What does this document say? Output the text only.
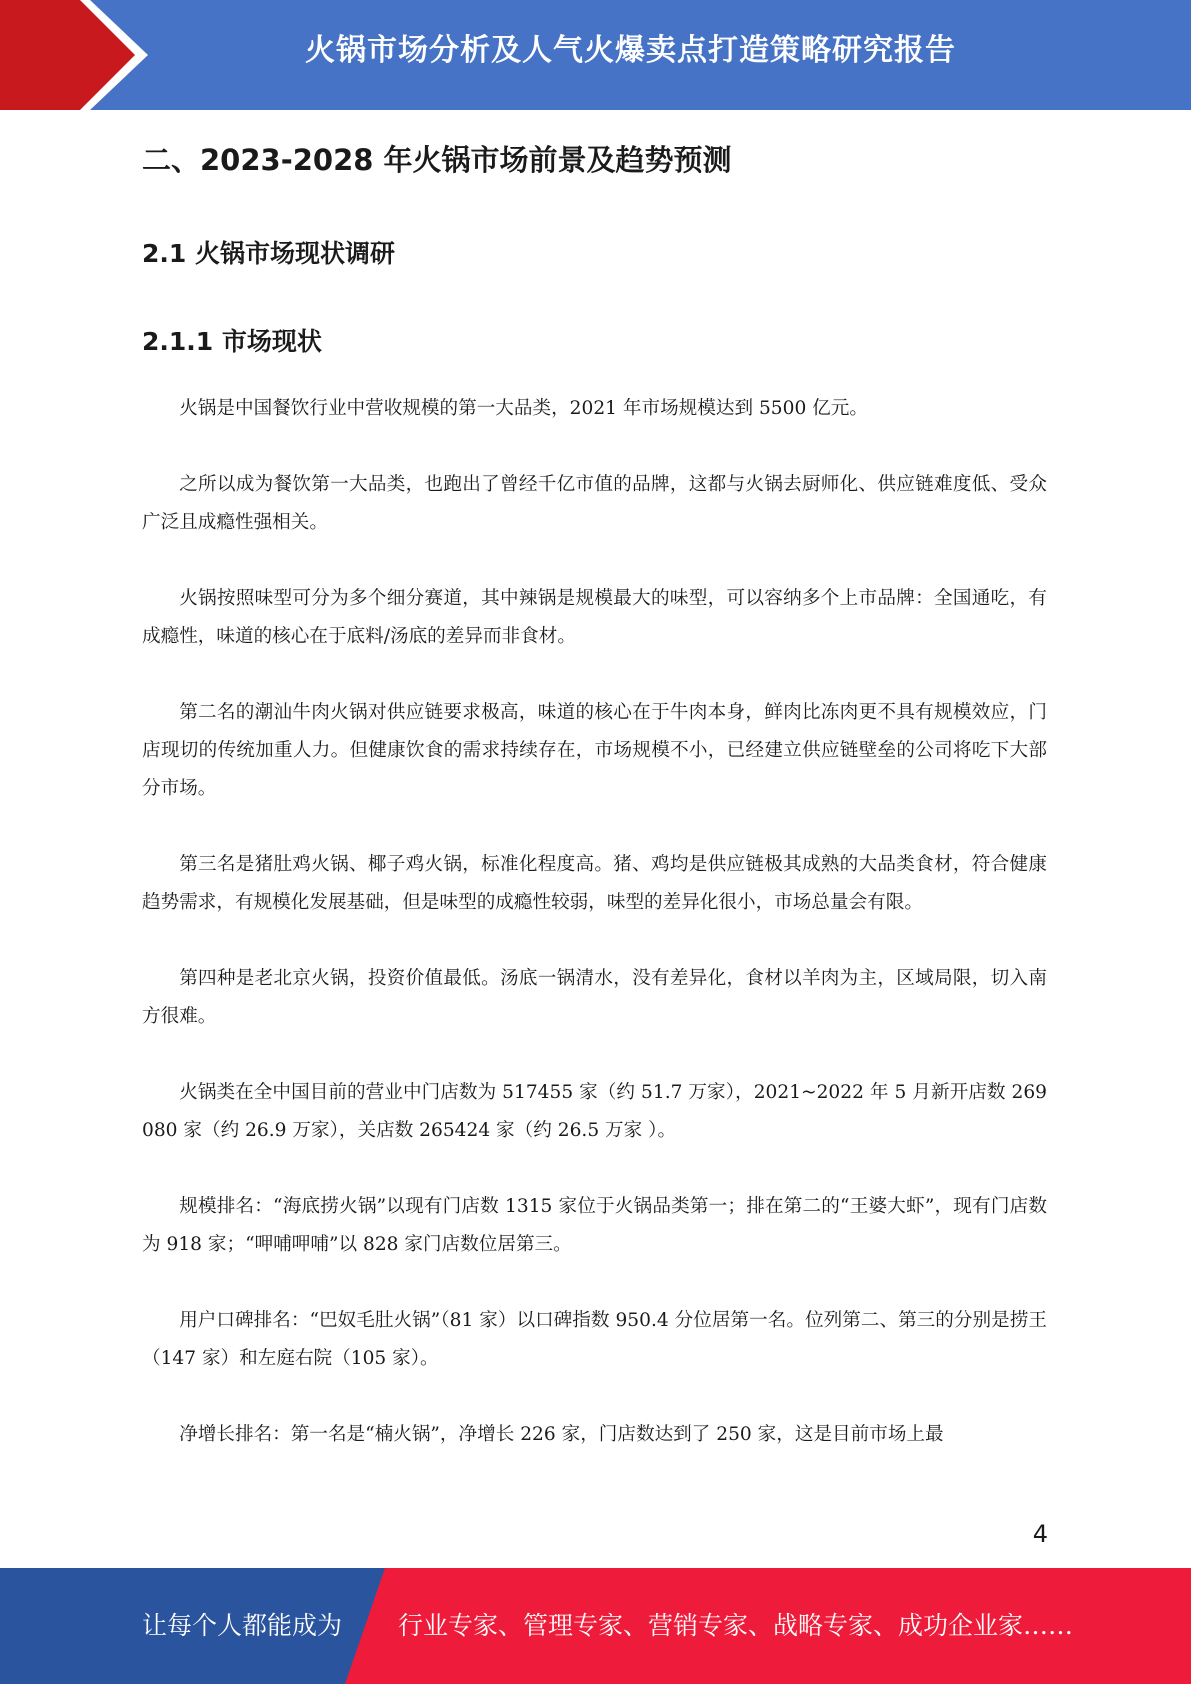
火锅市场分析及人气火爆卖点打造策略研究报告
二、2023-2028 年火锅市场前景及趋势预测
2.1 火锅市场现状调研
2.1.1 市场现状

火锅是中国餐饮行业中营收规模的第一大品类，2021 年市场规模达到 5500 亿元。

之所以成为餐饮第一大品类，也跑出了曾经千亿市值的品牌，这都与火锅去厨师化、供应链难度低、受众广泛且成瘾性强相关。

火锅按照味型可分为多个细分赛道，其中辣锅是规模最大的味型，可以容纳多个上市品牌：全国通吃，有成瘾性，味道的核心在于底料/汤底的差异而非食材。

第二名的潮汕牛肉火锅对供应链要求极高，味道的核心在于牛肉本身，鲜肉比冻肉更不具有规模效应，门店现切的传统加重人力。但健康饮食的需求持续存在，市场规模不小，已经建立供应链壁垒的公司将吃下大部分市场。

第三名是猪肚鸡火锅、椰子鸡火锅，标准化程度高。猪、鸡均是供应链极其成熟的大品类食材，符合健康趋势需求，有规模化发展基础，但是味型的成瘾性较弱，味型的差异化很小，市场总量会有限。

第四种是老北京火锅，投资价值最低。汤底一锅清水，没有差异化，食材以羊肉为主，区域局限，切入南方很难。

火锅类在全中国目前的营业中门店数为 517455 家（约 51.7 万家），2021~2022 年 5 月新开店数 269080 家（约 26.9 万家），关店数 265424 家（约 26.5 万家 ）。

规模排名：“海底捞火锅”以现有门店数 1315 家位于火锅品类第一；排在第二的“王婆大虾”，现有门店数为 918 家；“呷哺呷哺”以 828 家门店数位居第三。

用户口碑排名：“巴奴毛肚火锅”（81 家）以口碑指数 950.4 分位居第一名。位列第二、第三的分别是捞王（147 家）和左庭右院（105 家）。

净增长排名：第一名是“楠火锅”，净增长 226 家，门店数达到了 250 家，这是目前市场上最

4
让每个人都能成为 行业专家、管理专家、营销专家、战略专家、成功企业家……
